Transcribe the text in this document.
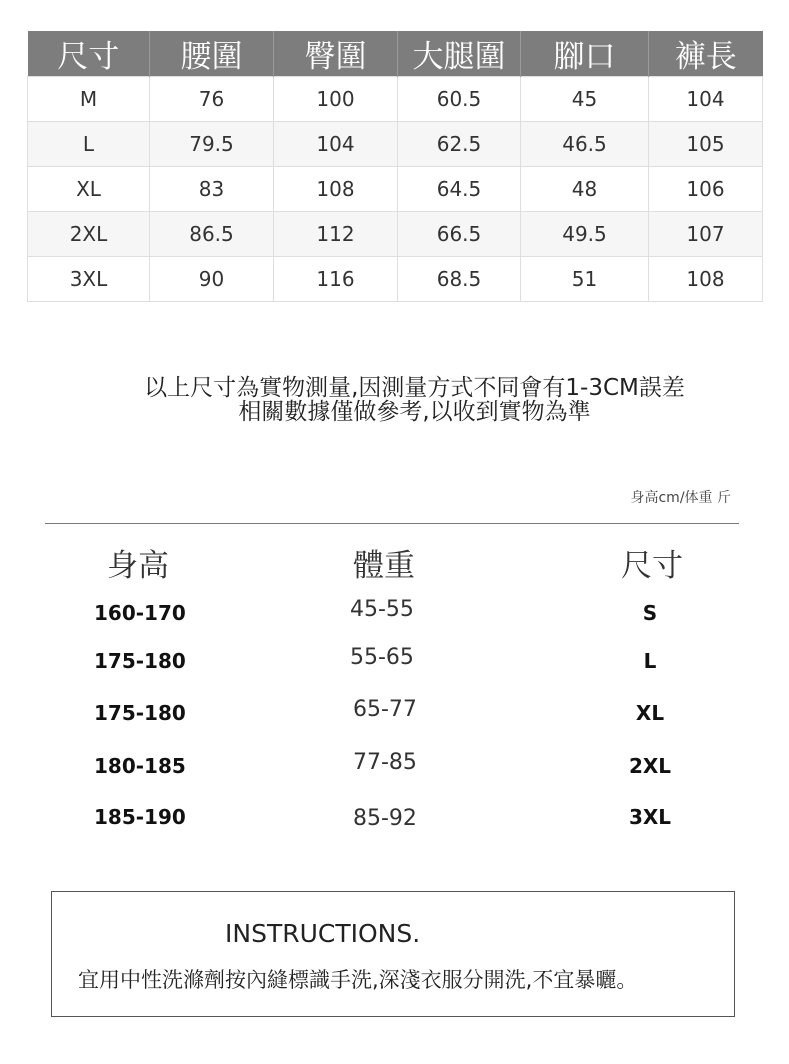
尺寸	腰圍	臀圍	大腿圍	腳口	褲長
M	76	100	60.5	45	104
L	79.5	104	62.5	46.5	105
XL	83	108	64.5	48	106
2XL	86.5	112	66.5	49.5	107
3XL	90	116	68.5	51	108
以上尺寸為實物測量,因測量方式不同會有1-3CM誤差
相關數據僅做參考,以收到實物為準
身高cm/体重 斤
身高	體重	尺寸
160-170	45-55	S
175-180	55-65	L
175-180	65-77	XL
180-185	77-85	2XL
185-190	85-92	3XL
INSTRUCTIONS.
宜用中性洗滌劑按內縫標識手洗,深淺衣服分開洗,不宜暴曬。
